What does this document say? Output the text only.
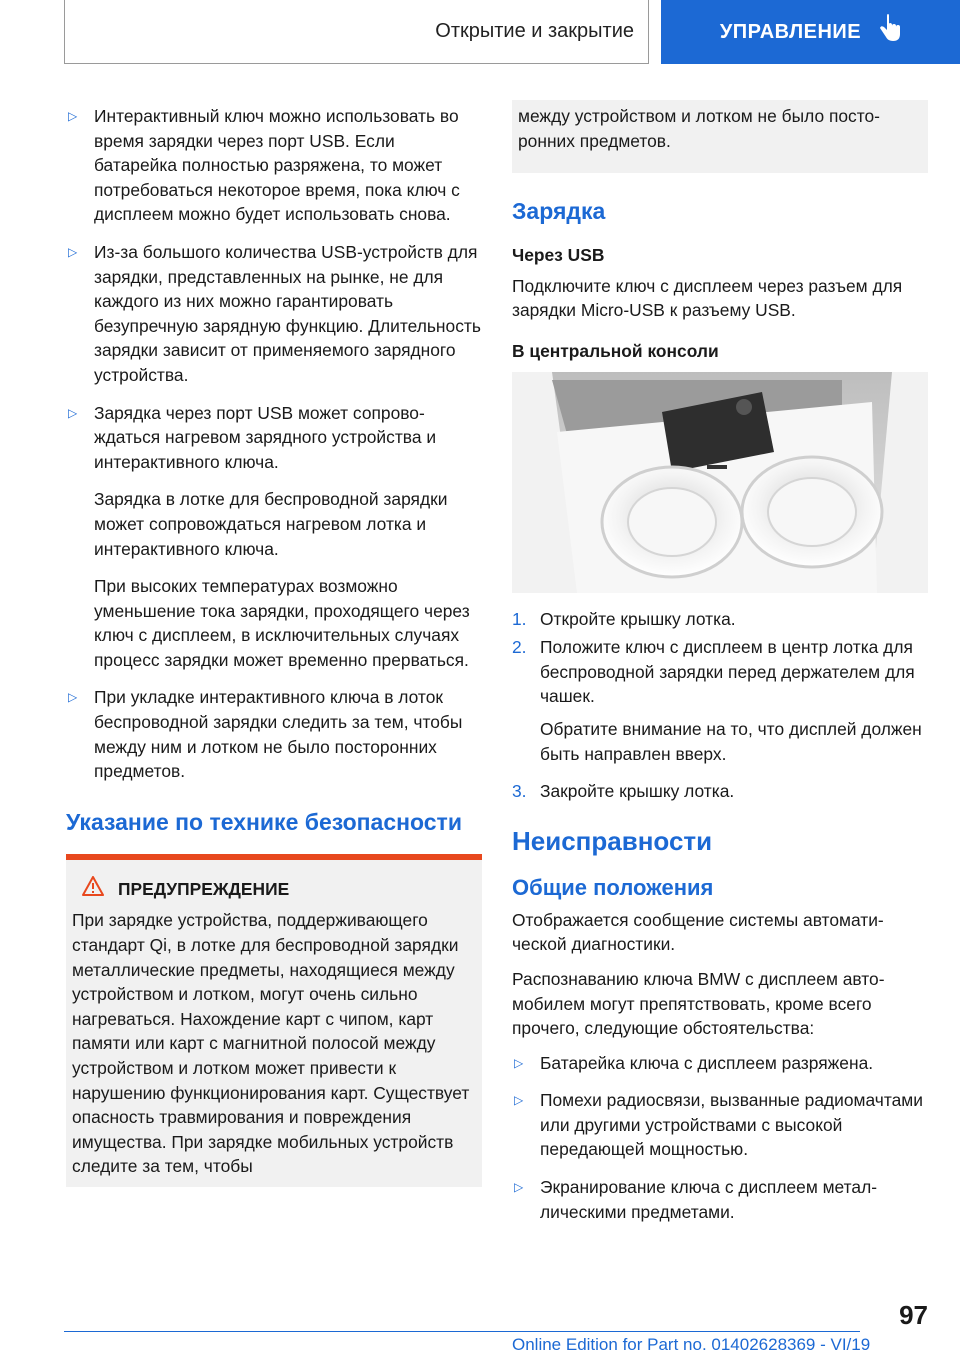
Открытие и закрытие	УПРАВЛЕНИЕ
▷ Интерактивный ключ можно использовать во время зарядки через порт USB. Если батарейка полностью разряжена, то может потребоваться некоторое время, пока ключ с дисплеем можно будет использовать снова.
▷ Из-за большого количества USB-устройств для зарядки, представленных на рынке, не для каждого из них можно гарантировать безупречную зарядную функцию. Длительность зарядки зависит от применяемого зарядного устройства.
▷ Зарядка через порт USB может сопровождаться нагревом зарядного устройства и интерактивного ключа.
Зарядка в лотке для беспроводной зарядки может сопровождаться нагревом лотка и интерактивного ключа.
При высоких температурах возможно уменьшение тока зарядки, проходящего через ключ с дисплеем, в исключительных случаях процесс зарядки может временно прерваться.
▷ При укладке интерактивного ключа в лоток беспроводной зарядки следить за тем, чтобы между ним и лотком не было посторонних предметов.
Указание по технике безопасности
ПРЕДУПРЕЖДЕНИЕ
При зарядке устройства, поддерживающего стандарт Qi, в лотке для беспроводной зарядки металлические предметы, находящиеся между устройством и лотком, могут очень сильно нагреваться. Нахождение карт с чипом, карт памяти или карт с магнитной полосой между устройством и лотком может привести к нарушению функционирования карт. Существует опасность травмирования и повреждения имущества. При зарядке мобильных устройств следите за тем, чтобы
между устройством и лотком не было посторонних предметов.
Зарядка
Через USB

Подключите ключ с дисплеем через разъем для зарядки Micro-USB к разъему USB.

В центральной консоли
1. Откройте крышку лотка.
2. Положите ключ с дисплеем в центр лотка для беспроводной зарядки перед держателем для чашек.
Обратите внимание на то, что дисплей должен быть направлен вверх.
3. Закройте крышку лотка.
Неисправности
Общие положения

Отображается сообщение системы автоматической диагностики.

Распознаванию ключа BMW с дисплеем автомобилем могут препятствовать, кроме всего прочего, следующие обстоятельства:

▷ Батарейка ключа с дисплеем разряжена.
▷ Помехи радиосвязи, вызванные радиомачтами или другими устройствами с высокой передающей мощностью.
▷ Экранирование ключа с дисплеем металлическими предметами.
97
Online Edition for Part no. 01402628369 - VI/19
